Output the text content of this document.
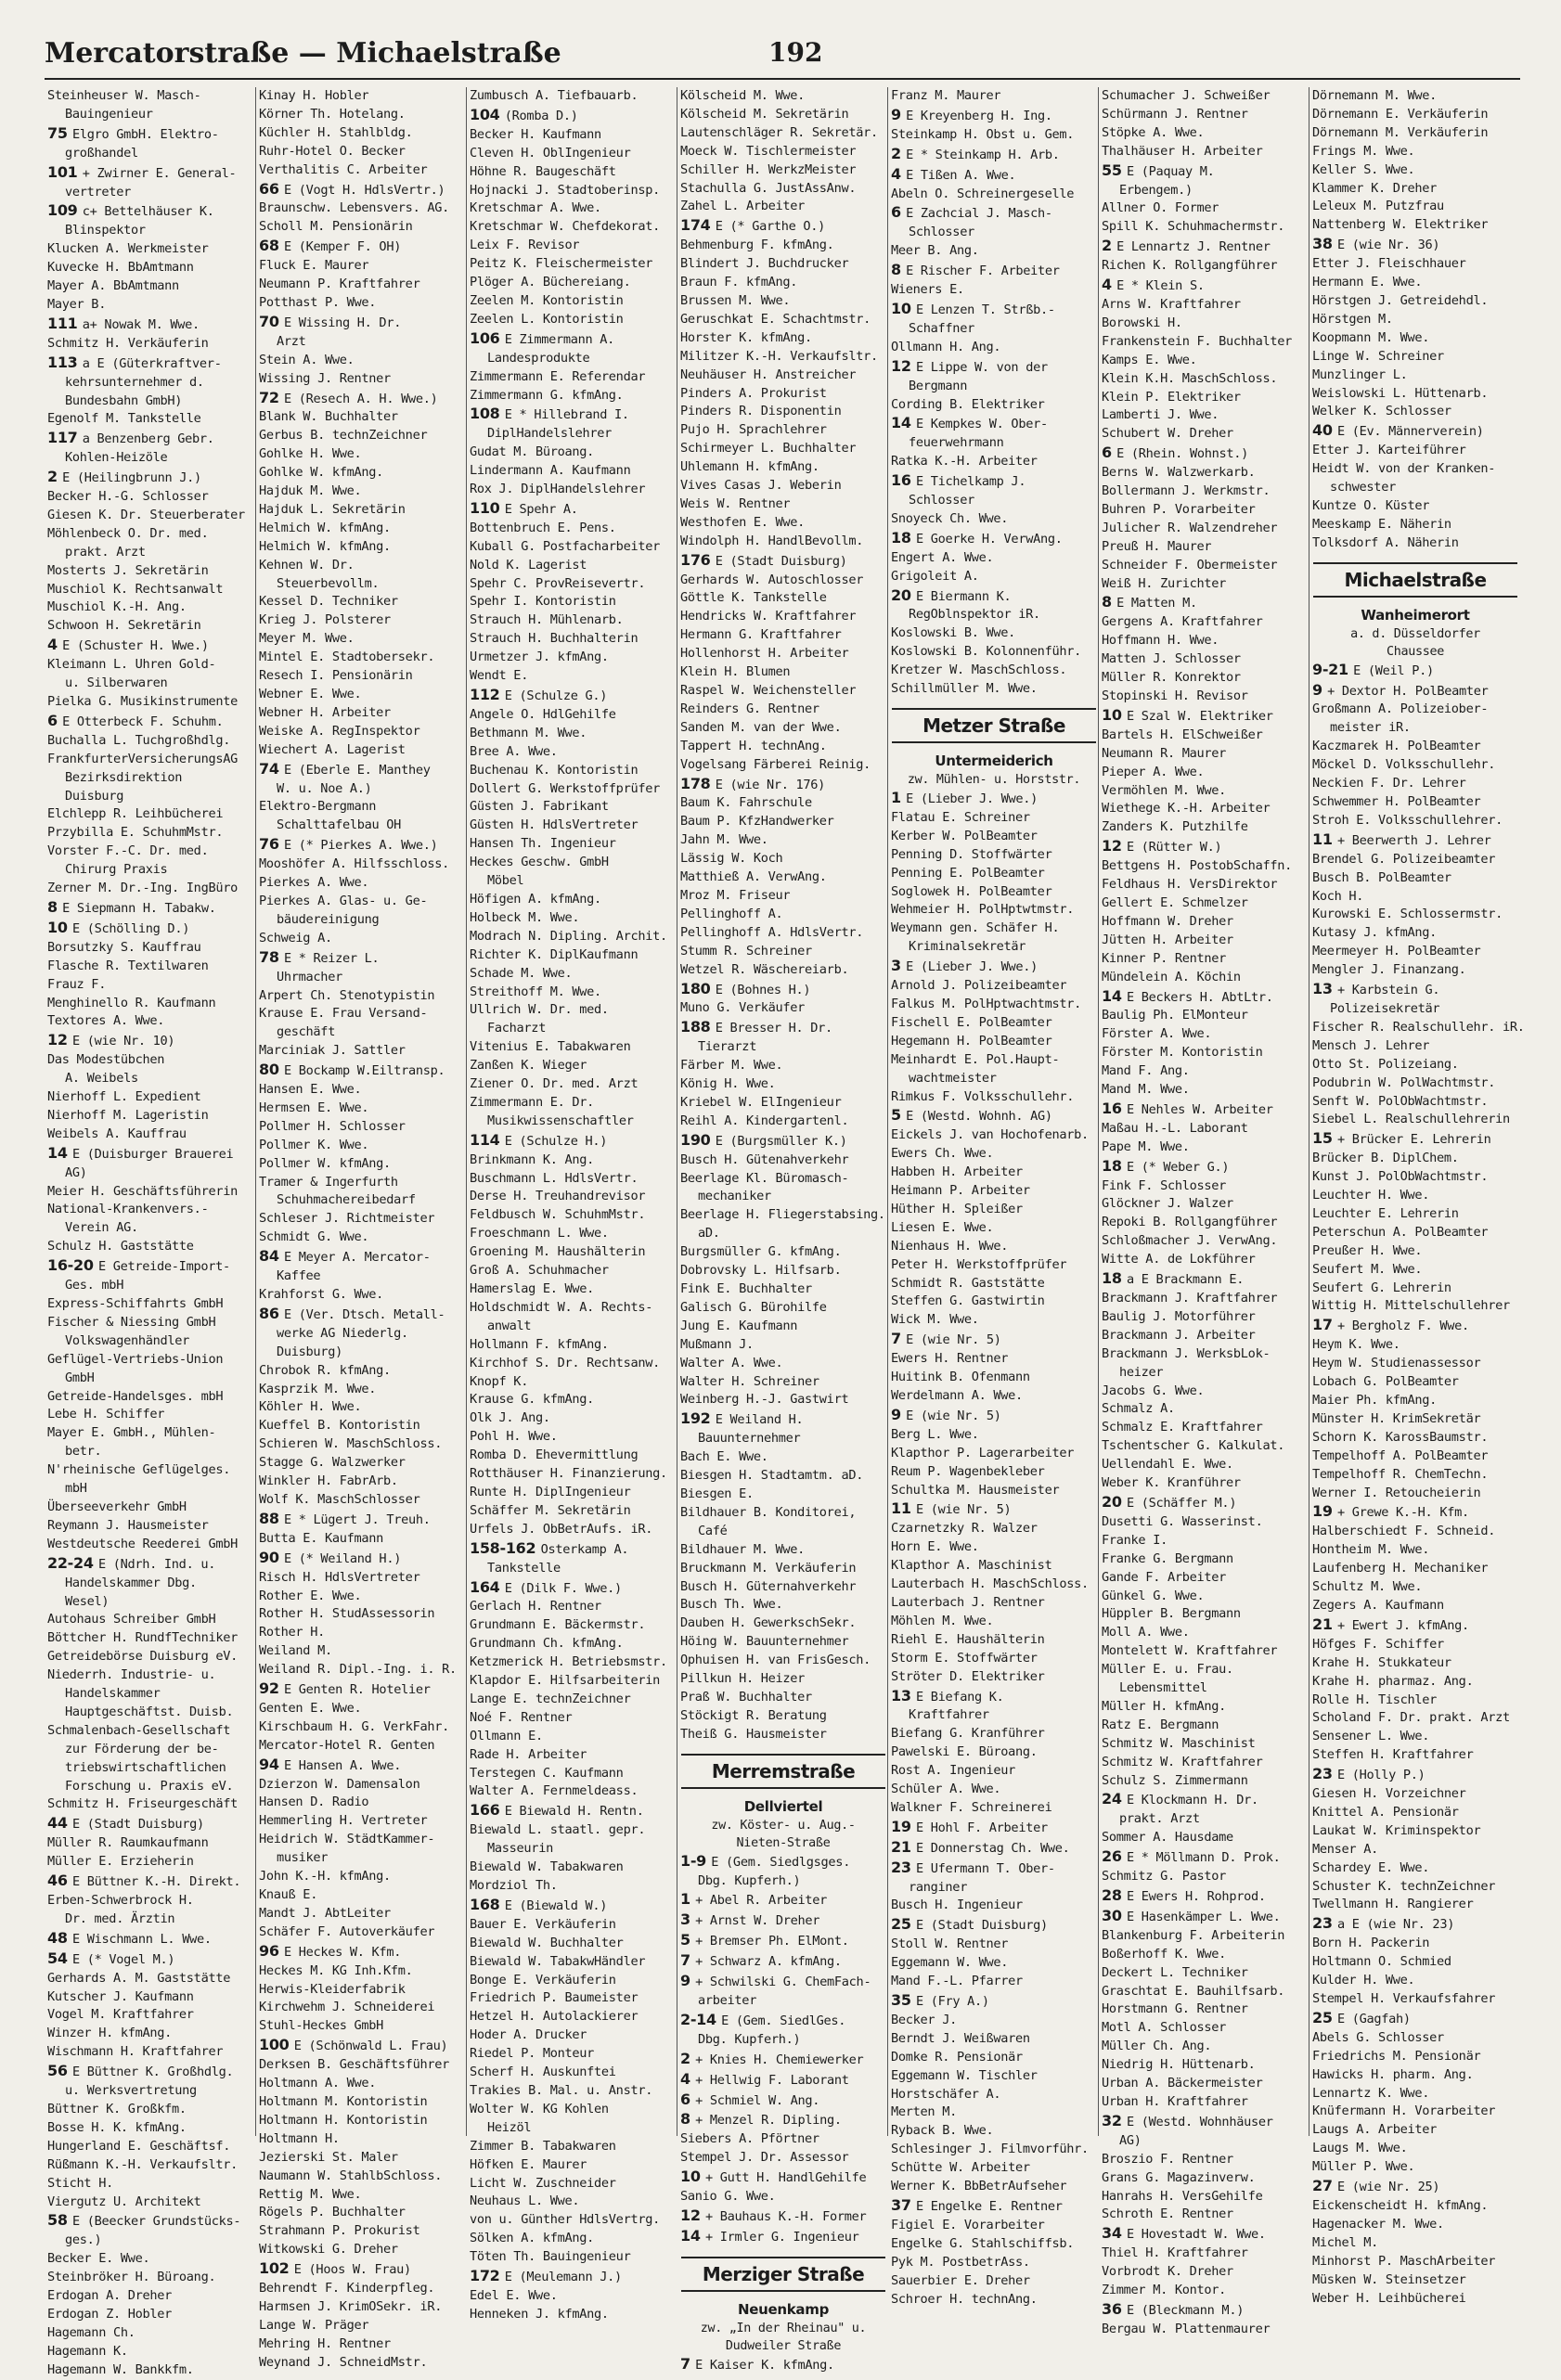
Mercatorstraße — Michaelstraße	192
Steinheuser W. Masch-
Bauingenieur
75 Elgro GmbH. Elektro-
großhandel
101 + Zwirner E. General-
vertreter
109 c+ Bettelhäuser K.
Blinspektor
Klucken A. Werkmeister
Kuvecke H. BbAmtmann
Mayer A. BbAmtmann
Mayer B.
111 a+ Nowak M. Wwe.
Schmitz H. Verkäuferin
113 a E (Güterkraftver-
kehrsunternehmer d.
Bundesbahn GmbH)
Egenolf M. Tankstelle
117 a Benzenberg Gebr.
Kohlen-Heizöle
2 E (Heilingbrunn J.)
Becker H.-G. Schlosser
Giesen K. Dr. Steuerberater
Möhlenbeck O. Dr. med.
prakt. Arzt
Mosterts J. Sekretärin
Muschiol K. Rechtsanwalt
Muschiol K.-H. Ang.
Schwoon H. Sekretärin
4 E (Schuster H. Wwe.)
Kleimann L. Uhren Gold-
u. Silberwaren
Pielka G. Musikinstrumente
6 E Otterbeck F. Schuhm.
Buchalla L. Tuchgroßhdlg.
FrankfurterVersicherungsAG
Bezirksdirektion
Duisburg
Elchlepp R. Leihbücherei
Przybilla E. SchuhmMstr.
Vorster F.-C. Dr. med.
Chirurg Praxis
Zerner M. Dr.-Ing. IngBüro
8 E Siepmann H. Tabakw.
10 E (Schölling D.)
Borsutzky S. Kauffrau
Flasche R. Textilwaren
Frauz F.
Menghinello R. Kaufmann
Textores A. Wwe.
12 E (wie Nr. 10)
Das Modestübchen
A. Weibels
Nierhoff L. Expedient
Nierhoff M. Lageristin
Weibels A. Kauffrau
14 E (Duisburger Brauerei
AG)
Meier H. Geschäftsführerin
National-Krankenvers.-
Verein AG.
Schulz H. Gaststätte
16-20 E Getreide-Import-
Ges. mbH
Express-Schiffahrts GmbH
Fischer & Niessing GmbH
Volkswagenhändler
Geflügel-Vertriebs-Union
GmbH
Getreide-Handelsges. mbH
Lebe H. Schiffer
Mayer E. GmbH., Mühlen-
betr.
N'rheinische Geflügelges.
mbH
Überseeverkehr GmbH
Reymann J. Hausmeister
Westdeutsche Reederei GmbH
22-24 E (Ndrh. Ind. u.
Handelskammer Dbg.
Wesel)
Autohaus Schreiber GmbH
Böttcher H. RundfTechniker
Getreidebörse Duisburg eV.
Niederrh. Industrie- u.
Handelskammer
Hauptgeschäftst. Duisb.
Schmalenbach-Gesellschaft
zur Förderung der be-
triebswirtschaftlichen
Forschung u. Praxis eV.
Schmitz H. Friseurgeschäft
44 E (Stadt Duisburg)
Müller R. Raumkaufmann
Müller E. Erzieherin
46 E Büttner K.-H. Direkt.
Erben-Schwerbrock H.
Dr. med. Ärztin
48 E Wischmann L. Wwe.
54 E (* Vogel M.)
Gerhards A. M. Gaststätte
Kutscher J. Kaufmann
Vogel M. Kraftfahrer
Winzer H. kfmAng.
Wischmann H. Kraftfahrer
56 E Büttner K. Großhdlg.
u. Werksvertretung
Büttner K. Großkfm.
Bosse H. K. kfmAng.
Hungerland E. Geschäftsf.
Rüßmann K.-H. Verkaufsltr.
Sticht H.
Viergutz U. Architekt
58 E (Beecker Grundstücks-
ges.)
Becker E. Wwe.
Steinbröker H. Büroang.
Erdogan A. Dreher
Erdogan Z. Hobler
Hagemann Ch.
Hagemann K.
Hagemann W. Bankkfm.
Kinay H. Hobler
Körner Th. Hotelang.
Küchler H. Stahlbldg.
Ruhr-Hotel O. Becker
Verthalitis C. Arbeiter
66 E (Vogt H. HdlsVertr.)
Braunschw. Lebensvers. AG.
Scholl M. Pensionärin
68 E (Kemper F. OH)
Fluck E. Maurer
Neumann P. Kraftfahrer
Potthast P. Wwe.
70 E Wissing H. Dr.
Arzt
Stein A. Wwe.
Wissing J. Rentner
72 E (Resech A. H. Wwe.)
Blank W. Buchhalter
Gerbus B. technZeichner
Gohlke H. Wwe.
Gohlke W. kfmAng.
Hajduk M. Wwe.
Hajduk L. Sekretärin
Helmich W. kfmAng.
Helmich W. kfmAng.
Kehnen W. Dr.
Steuerbevollm.
Kessel D. Techniker
Krieg J. Polsterer
Meyer M. Wwe.
Mintel E. Stadtobersekr.
Resech I. Pensionärin
Webner E. Wwe.
Webner H. Arbeiter
Weiske A. RegInspektor
Wiechert A. Lagerist
74 E (Eberle E. Manthey
W. u. Noe A.)
Elektro-Bergmann
Schalttafelbau OH
76 E (* Pierkes A. Wwe.)
Mooshöfer A. Hilfsschloss.
Pierkes A. Wwe.
Pierkes A. Glas- u. Ge-
bäudereinigung
Schweig A.
78 E * Reizer L.
Uhrmacher
Arpert Ch. Stenotypistin
Krause E. Frau Versand-
geschäft
Marciniak J. Sattler
80 E Bockamp W.Eiltransp.
Hansen E. Wwe.
Hermsen E. Wwe.
Pollmer H. Schlosser
Pollmer K. Wwe.
Pollmer W. kfmAng.
Tramer & Ingerfurth
Schuhmachereibedarf
Schleser J. Richtmeister
Schmidt G. Wwe.
84 E Meyer A. Mercator-
Kaffee
Krahforst G. Wwe.
86 E (Ver. Dtsch. Metall-
werke AG Niederlg.
Duisburg)
Chrobok R. kfmAng.
Kasprzik M. Wwe.
Köhler H. Wwe.
Kueffel B. Kontoristin
Schieren W. MaschSchloss.
Stagge G. Walzwerker
Winkler H. FabrArb.
Wolf K. MaschSchlosser
88 E * Lügert J. Treuh.
Butta E. Kaufmann
90 E (* Weiland H.)
Risch H. HdlsVertreter
Rother E. Wwe.
Rother H. StudAssessorin
Rother H.
Weiland M.
Weiland R. Dipl.-Ing. i. R.
92 E Genten R. Hotelier
Genten E. Wwe.
Kirschbaum H. G. VerkFahr.
Mercator-Hotel R. Genten
94 E Hansen A. Wwe.
Dzierzon W. Damensalon
Hansen D. Radio
Hemmerling H. Vertreter
Heidrich W. StädtKammer-
musiker
John K.-H. kfmAng.
Knauß E.
Mandt J. AbtLeiter
Schäfer F. Autoverkäufer
96 E Heckes W. Kfm.
Heckes M. KG Inh.Kfm.
Herwis-Kleiderfabrik
Kirchwehm J. Schneiderei
Stuhl-Heckes GmbH
100 E (Schönwald L. Frau)
Derksen B. Geschäftsführer
Holtmann A. Wwe.
Holtmann M. Kontoristin
Holtmann H. Kontoristin
Holtmann H.
Jezierski St. Maler
Naumann W. StahlbSchloss.
Rettig M. Wwe.
Rögels P. Buchhalter
Strahmann P. Prokurist
Witkowski G. Dreher
102 E (Hoos W. Frau)
Behrendt F. Kinderpfleg.
Harmsen J. KrimOSekr. iR.
Lange W. Präger
Mehring H. Rentner
Weynand J. SchneidMstr.
Zumbusch A. Tiefbauarb.
104 (Romba D.)
Becker H. Kaufmann
Cleven H. OblIngenieur
Höhne R. Baugeschäft
Hojnacki J. Stadtoberinsp.
Kretschmar A. Wwe.
Kretschmar W. Chefdekorat.
Leix F. Revisor
Peitz K. Fleischermeister
Plöger A. Büchereiang.
Zeelen M. Kontoristin
Zeelen L. Kontoristin
106 E Zimmermann A.
Landesprodukte
Zimmermann E. Referendar
Zimmermann G. kfmAng.
108 E * Hillebrand I.
DiplHandelslehrer
Gudat M. Büroang.
Lindermann A. Kaufmann
Rox J. DiplHandelslehrer
110 E Spehr A.
Bottenbruch E. Pens.
Kuball G. Postfacharbeiter
Nold K. Lagerist
Spehr C. ProvReisevertr.
Spehr I. Kontoristin
Strauch H. Mühlenarb.
Strauch H. Buchhalterin
Urmetzer J. kfmAng.
Wendt E.
112 E (Schulze G.)
Angele O. HdlGehilfe
Bethmann M. Wwe.
Bree A. Wwe.
Buchenau K. Kontoristin
Dollert G. Werkstoffprüfer
Güsten J. Fabrikant
Güsten H. HdlsVertreter
Hansen Th. Ingenieur
Heckes Geschw. GmbH
Möbel
Höfigen A. kfmAng.
Holbeck M. Wwe.
Modrach N. Dipling. Archit.
Richter K. DiplKaufmann
Schade M. Wwe.
Streithoff M. Wwe.
Ullrich W. Dr. med.
Facharzt
Vitenius E. Tabakwaren
Zanßen K. Wieger
Ziener O. Dr. med. Arzt
Zimmermann E. Dr.
Musikwissenschaftler
114 E (Schulze H.)
Brinkmann K. Ang.
Buschmann L. HdlsVertr.
Derse H. Treuhandrevisor
Feldbusch W. SchuhmMstr.
Froeschmann L. Wwe.
Groening M. Haushälterin
Groß A. Schuhmacher
Hamerslag E. Wwe.
Holdschmidt W. A. Rechts-
anwalt
Hollmann F. kfmAng.
Kirchhof S. Dr. Rechtsanw.
Knopf K.
Krause G. kfmAng.
Olk J. Ang.
Pohl H. Wwe.
Romba D. Ehevermittlung
Rotthäuser H. Finanzierung.
Runte H. DiplIngenieur
Schäffer M. Sekretärin
Urfels J. ObBetrAufs. iR.
158-162 Osterkamp A.
Tankstelle
164 E (Dilk F. Wwe.)
Gerlach H. Rentner
Grundmann E. Bäckermstr.
Grundmann Ch. kfmAng.
Ketzmerick H. Betriebsmstr.
Klapdor E. Hilfsarbeiterin
Lange E. technZeichner
Noé F. Rentner
Ollmann E.
Rade H. Arbeiter
Terstegen C. Kaufmann
Walter A. Fernmeldeass.
166 E Biewald H. Rentn.
Biewald L. staatl. gepr.
Masseurin
Biewald W. Tabakwaren
Mordziol Th.
168 E (Biewald W.)
Bauer E. Verkäuferin
Biewald W. Buchhalter
Biewald W. TabakwHändler
Bonge E. Verkäuferin
Friedrich P. Baumeister
Hetzel H. Autolackierer
Hoder A. Drucker
Riedel P. Monteur
Scherf H. Auskunftei
Trakies B. Mal. u. Anstr.
Wolter W. KG Kohlen
Heizöl
Zimmer B. Tabakwaren
Höfken E. Maurer
Licht W. Zuschneider
Neuhaus L. Wwe.
von u. Günther HdlsVertrg.
Sölken A. kfmAng.
Töten Th. Bauingenieur
172 E (Meulemann J.)
Edel E. Wwe.
Henneken J. kfmAng.
Kölscheid M. Wwe.
Kölscheid M. Sekretärin
Lautenschläger R. Sekretär.
Moeck W. Tischlermeister
Schiller H. WerkzMeister
Stachulla G. JustAssAnw.
Zahel L. Arbeiter
174 E (* Garthe O.)
Behmenburg F. kfmAng.
Blindert J. Buchdrucker
Braun F. kfmAng.
Brussen M. Wwe.
Geruschkat E. Schachtmstr.
Horster K. kfmAng.
Militzer K.-H. Verkaufsltr.
Neuhäuser H. Anstreicher
Pinders A. Prokurist
Pinders R. Disponentin
Pujo H. Sprachlehrer
Schirmeyer L. Buchhalter
Uhlemann H. kfmAng.
Vives Casas J. Weberin
Weis W. Rentner
Westhofen E. Wwe.
Windolph H. HandlBevollm.
176 E (Stadt Duisburg)
Gerhards W. Autoschlosser
Göttle K. Tankstelle
Hendricks W. Kraftfahrer
Hermann G. Kraftfahrer
Hollenhorst H. Arbeiter
Klein H. Blumen
Raspel W. Weichensteller
Reinders G. Rentner
Sanden M. van der Wwe.
Tappert H. technAng.
Vogelsang Färberei Reinig.
178 E (wie Nr. 176)
Baum K. Fahrschule
Baum P. KfzHandwerker
Jahn M. Wwe.
Lässig W. Koch
Matthieß A. VerwAng.
Mroz M. Friseur
Pellinghoff A.
Pellinghoff A. HdlsVertr.
Stumm R. Schreiner
Wetzel R. Wäschereiarb.
180 E (Bohnes H.)
Muno G. Verkäufer
188 E Bresser H. Dr.
Tierarzt
Färber M. Wwe.
König H. Wwe.
Kriebel W. ElIngenieur
Reihl A. Kindergartenl.
190 E (Burgsmüller K.)
Busch H. Gütenahverkehr
Beerlage Kl. Büromasch-
mechaniker
Beerlage H. Fliegerstabsing.
aD.
Burgsmüller G. kfmAng.
Dobrovsky L. Hilfsarb.
Fink E. Buchhalter
Galisch G. Bürohilfe
Jung E. Kaufmann
Mußmann J.
Walter A. Wwe.
Walter H. Schreiner
Weinberg H.-J. Gastwirt
192 E Weiland H.
Bauunternehmer
Bach E. Wwe.
Biesgen H. Stadtamtm. aD.
Biesgen E.
Bildhauer B. Konditorei,
Café
Bildhauer M. Wwe.
Bruckmann M. Verkäuferin
Busch H. Güternahverkehr
Busch Th. Wwe.
Dauben H. GewerkschSekr.
Höing W. Bauunternehmer
Ophuisen H. van FrisGesch.
Pillkun H. Heizer
Praß W. Buchhalter
Stöckigt R. Beratung
Theiß G. Hausmeister
Merremstraße
Dellviertel
zw. Köster- u. Aug.-
Nieten-Straße
1-9 E (Gem. Siedlgsges.
Dbg. Kupferh.)
1 + Abel R. Arbeiter
3 + Arnst W. Dreher
5 + Bremser Ph. ElMont.
7 + Schwarz A. kfmAng.
9 + Schwilski G. ChemFach-
arbeiter
2-14 E (Gem. SiedlGes.
Dbg. Kupferh.)
2 + Knies H. Chemiewerker
4 + Hellwig F. Laborant
6 + Schmiel W. Ang.
8 + Menzel R. Dipling.
Siebers A. Pförtner
Stempel J. Dr. Assessor
10 + Gutt H. HandlGehilfe
Sanio G. Wwe.
12 + Bauhaus K.-H. Former
14 + Irmler G. Ingenieur
Merziger Straße
Neuenkamp
zw. „In der Rheinau" u.
Dudweiler Straße
7 E Kaiser K. kfmAng.
Franz M. Maurer
9 E Kreyenberg H. Ing.
Steinkamp H. Obst u. Gem.
2 E * Steinkamp H. Arb.
4 E Tißen A. Wwe.
Abeln O. Schreinergeselle
6 E Zachcial J. Masch-
Schlosser
Meer B. Ang.
8 E Rischer F. Arbeiter
Wieners E.
10 E Lenzen T. Strßb.-
Schaffner
Ollmann H. Ang.
12 E Lippe W. von der
Bergmann
Cording B. Elektriker
14 E Kempkes W. Ober-
feuerwehrmann
Ratka K.-H. Arbeiter
16 E Tichelkamp J.
Schlosser
Snoyeck Ch. Wwe.
18 E Goerke H. VerwAng.
Engert A. Wwe.
Grigoleit A.
20 E Biermann K.
RegOblnspektor iR.
Koslowski B. Wwe.
Koslowski B. Kolonnenführ.
Kretzer W. MaschSchloss.
Schillmüller M. Wwe.
Metzer Straße
Untermeiderich
zw. Mühlen- u. Horststr.
1 E (Lieber J. Wwe.)
Flatau E. Schreiner
Kerber W. PolBeamter
Penning D. Stoffwärter
Penning E. PolBeamter
Soglowek H. PolBeamter
Wehmeier H. PolHptwtmstr.
Weymann gen. Schäfer H.
Kriminalsekretär
3 E (Lieber J. Wwe.)
Arnold J. Polizeibeamter
Falkus M. PolHptwachtmstr.
Fischell E. PolBeamter
Hegemann H. PolBeamter
Meinhardt E. Pol.Haupt-
wachtmeister
Rimkus F. Volksschullehr.
5 E (Westd. Wohnh. AG)
Eickels J. van Hochofenarb.
Ewers Ch. Wwe.
Habben H. Arbeiter
Heimann P. Arbeiter
Hüther H. Spleißer
Liesen E. Wwe.
Nienhaus H. Wwe.
Peter H. Werkstoffprüfer
Schmidt R. Gaststätte
Steffen G. Gastwirtin
Wick M. Wwe.
7 E (wie Nr. 5)
Ewers H. Rentner
Huitink B. Ofenmann
Werdelmann A. Wwe.
9 E (wie Nr. 5)
Berg L. Wwe.
Klapthor P. Lagerarbeiter
Reum P. Wagenbekleber
Schultka M. Hausmeister
11 E (wie Nr. 5)
Czarnetzky R. Walzer
Horn E. Wwe.
Klapthor A. Maschinist
Lauterbach H. MaschSchloss.
Lauterbach J. Rentner
Möhlen M. Wwe.
Riehl E. Haushälterin
Storm E. Stoffwärter
Ströter D. Elektriker
13 E Biefang K.
Kraftfahrer
Biefang G. Kranführer
Pawelski E. Büroang.
Rost A. Ingenieur
Schüler A. Wwe.
Walkner F. Schreinerei
19 E Hohl F. Arbeiter
21 E Donnerstag Ch. Wwe.
23 E Ufermann T. Ober-
ranginer
Busch H. Ingenieur
25 E (Stadt Duisburg)
Stoll W. Rentner
Eggemann W. Wwe.
Mand F.-L. Pfarrer
35 E (Fry A.)
Becker J.
Berndt J. Weißwaren
Domke R. Pensionär
Eggemann W. Tischler
Horstschäfer A.
Merten M.
Ryback B. Wwe.
Schlesinger J. Filmvorführ.
Schütte W. Arbeiter
Werner K. BbBetrAufseher
37 E Engelke E. Rentner
Figiel E. Vorarbeiter
Engelke G. Stahlschiffsb.
Pyk M. PostbetrAss.
Sauerbier E. Dreher
Schroer H. technAng.
Schumacher J. Schweißer
Schürmann J. Rentner
Stöpke A. Wwe.
Thalhäuser H. Arbeiter
55 E (Paquay M.
Erbengem.)
Allner O. Former
Spill K. Schuhmachermstr.
2 E Lennartz J. Rentner
Richen K. Rollgangführer
4 E * Klein S.
Arns W. Kraftfahrer
Borowski H.
Frankenstein F. Buchhalter
Kamps E. Wwe.
Klein K.H. MaschSchloss.
Klein P. Elektriker
Lamberti J. Wwe.
Schubert W. Dreher
6 E (Rhein. Wohnst.)
Berns W. Walzwerkarb.
Bollermann J. Werkmstr.
Buhren P. Vorarbeiter
Julicher R. Walzendreher
Preuß H. Maurer
Schneider F. Obermeister
Weiß H. Zurichter
8 E Matten M.
Gergens A. Kraftfahrer
Hoffmann H. Wwe.
Matten J. Schlosser
Müller R. Konrektor
Stopinski H. Revisor
10 E Szal W. Elektriker
Bartels H. ElSchweißer
Neumann R. Maurer
Pieper A. Wwe.
Vermöhlen M. Wwe.
Wiethege K.-H. Arbeiter
Zanders K. Putzhilfe
12 E (Rütter W.)
Bettgens H. PostobSchaffn.
Feldhaus H. VersDirektor
Gellert E. Schmelzer
Hoffmann W. Dreher
Jütten H. Arbeiter
Kinner P. Rentner
Mündelein A. Köchin
14 E Beckers H. AbtLtr.
Baulig Ph. ElMonteur
Förster A. Wwe.
Förster M. Kontoristin
Mand F. Ang.
Mand M. Wwe.
16 E Nehles W. Arbeiter
Maßau H.-L. Laborant
Pape M. Wwe.
18 E (* Weber G.)
Fink F. Schlosser
Glöckner J. Walzer
Repoki B. Rollgangführer
Schloßmacher J. VerwAng.
Witte A. de Lokführer
18 a E Brackmann E.
Brackmann J. Kraftfahrer
Baulig J. Motorführer
Brackmann J. Arbeiter
Brackmann J. WerksbLok-
heizer
Jacobs G. Wwe.
Schmalz A.
Schmalz E. Kraftfahrer
Tschentscher G. Kalkulat.
Uellendahl E. Wwe.
Weber K. Kranführer
20 E (Schäffer M.)
Dusetti G. Wasserinst.
Franke I.
Franke G. Bergmann
Gande F. Arbeiter
Günkel G. Wwe.
Hüppler B. Bergmann
Moll A. Wwe.
Montelett W. Kraftfahrer
Müller E. u. Frau.
Lebensmittel
Müller H. kfmAng.
Ratz E. Bergmann
Schmitz W. Maschinist
Schmitz W. Kraftfahrer
Schulz S. Zimmermann
24 E Klockmann H. Dr.
prakt. Arzt
Sommer A. Hausdame
26 E * Möllmann D. Prok.
Schmitz G. Pastor
28 E Ewers H. Rohprod.
30 E Hasenkämper L. Wwe.
Blankenburg F. Arbeiterin
Boßerhoff K. Wwe.
Deckert L. Techniker
Graschtat E. Bauhilfsarb.
Horstmann G. Rentner
Motl A. Schlosser
Müller Ch. Ang.
Niedrig H. Hüttenarb.
Urban A. Bäckermeister
Urban H. Kraftfahrer
32 E (Westd. Wohnhäuser
AG)
Broszio F. Rentner
Grans G. Magazinverw.
Hanrahs H. VersGehilfe
Schroth E. Rentner
34 E Hovestadt W. Wwe.
Thiel H. Kraftfahrer
Vorbrodt K. Dreher
Zimmer M. Kontor.
36 E (Bleckmann M.)
Bergau W. Plattenmaurer
Dörnemann M. Wwe.
Dörnemann E. Verkäuferin
Dörnemann M. Verkäuferin
Frings M. Wwe.
Keller S. Wwe.
Klammer K. Dreher
Leleux M. Putzfrau
Nattenberg W. Elektriker
38 E (wie Nr. 36)
Etter J. Fleischhauer
Hermann E. Wwe.
Hörstgen J. Getreidehdl.
Hörstgen M.
Koopmann M. Wwe.
Linge W. Schreiner
Munzlinger L.
Weislowski L. Hüttenarb.
Welker K. Schlosser
40 E (Ev. Männerverein)
Etter J. Karteiführer
Heidt W. von der Kranken-
schwester
Kuntze O. Küster
Meeskamp E. Näherin
Tolksdorf A. Näherin
Michaelstraße
Wanheimerort
a. d. Düsseldorfer
Chaussee
9-21 E (Weil P.)
9 + Dextor H. PolBeamter
Großmann A. Polizeiober-
meister iR.
Kaczmarek H. PolBeamter
Möckel D. Volksschullehr.
Neckien F. Dr. Lehrer
Schwemmer H. PolBeamter
Stroh E. Volksschullehrer.
11 + Beerwerth J. Lehrer
Brendel G. Polizeibeamter
Busch B. PolBeamter
Koch H.
Kurowski E. Schlossermstr.
Kutasy J. kfmAng.
Meermeyer H. PolBeamter
Mengler J. Finanzang.
13 + Karbstein G.
Polizeisekretär
Fischer R. Realschullehr. iR.
Mensch J. Lehrer
Otto St. Polizeiang.
Podubrin W. PolWachtmstr.
Senft W. PolObWachtmstr.
Siebel L. Realschullehrerin
15 + Brücker E. Lehrerin
Brücker B. DiplChem.
Kunst J. PolObWachtmstr.
Leuchter H. Wwe.
Leuchter E. Lehrerin
Peterschun A. PolBeamter
Preußer H. Wwe.
Seufert M. Wwe.
Seufert G. Lehrerin
Wittig H. Mittelschullehrer
17 + Bergholz F. Wwe.
Heym K. Wwe.
Heym W. Studienassessor
Lobach G. PolBeamter
Maier Ph. kfmAng.
Münster H. KrimSekretär
Schorn K. KarossBaumstr.
Tempelhoff A. PolBeamter
Tempelhoff R. ChemTechn.
Werner I. Retoucheierin
19 + Grewe K.-H. Kfm.
Halberschiedt F. Schneid.
Hontheim M. Wwe.
Laufenberg H. Mechaniker
Schultz M. Wwe.
Zegers A. Kaufmann
21 + Ewert J. kfmAng.
Höfges F. Schiffer
Krahe H. Stukkateur
Krahe H. pharmaz. Ang.
Rolle H. Tischler
Scholand F. Dr. prakt. Arzt
Sensener L. Wwe.
Steffen H. Kraftfahrer
23 E (Holly P.)
Giesen H. Vorzeichner
Knittel A. Pensionär
Laukat W. Kriminspektor
Menser A.
Schardey E. Wwe.
Schuster K. technZeichner
Twellmann H. Rangierer
23 a E (wie Nr. 23)
Born H. Packerin
Holtmann O. Schmied
Kulder H. Wwe.
Stempel H. Verkaufsfahrer
25 E (Gagfah)
Abels G. Schlosser
Friedrichs M. Pensionär
Hawicks H. pharm. Ang.
Lennartz K. Wwe.
Knüfermann H. Vorarbeiter
Laugs A. Arbeiter
Laugs M. Wwe.
Müller P. Wwe.
27 E (wie Nr. 25)
Eickenscheidt H. kfmAng.
Hagenacker M. Wwe.
Michel M.
Minhorst P. MaschArbeiter
Müsken W. Steinsetzer
Weber H. Leihbücherei
